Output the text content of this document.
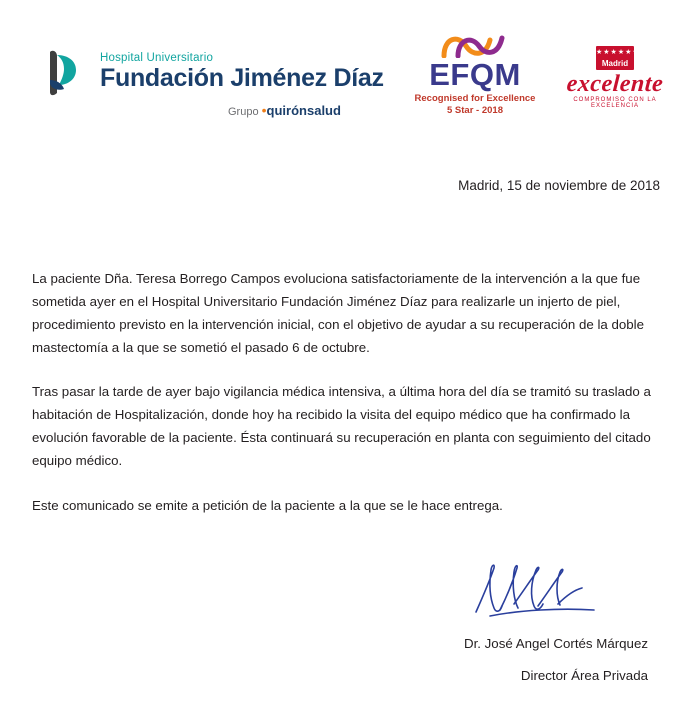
Hospital Universitario
Fundación Jiménez Díaz
Grupo •quirónsalud
EFQM
Recognised for Excellence
5 Star - 2018
★★★★★★★
Madrid
excelente
COMPROMISO CON LA EXCELENCIA
Madrid, 15 de noviembre de 2018

La paciente Dña. Teresa Borrego Campos evoluciona satisfactoriamente de la intervención a la que fue sometida ayer en el Hospital Universitario Fundación Jiménez Díaz para realizarle un injerto de piel, procedimiento previsto en la intervención inicial, con el objetivo de ayudar a su recuperación de la doble mastectomía a la que se sometió el pasado 6 de octubre.

Tras pasar la tarde de ayer bajo vigilancia médica intensiva, a última hora del día se tramitó su traslado a habitación de Hospitalización, donde hoy ha recibido la visita del equipo médico que ha confirmado la evolución favorable de la paciente. Ésta continuará su recuperación en planta con seguimiento del citado equipo médico.

Este comunicado se emite a petición de la paciente a la que se le hace entrega.

Dr. José Angel Cortés Márquez
Director Área Privada
